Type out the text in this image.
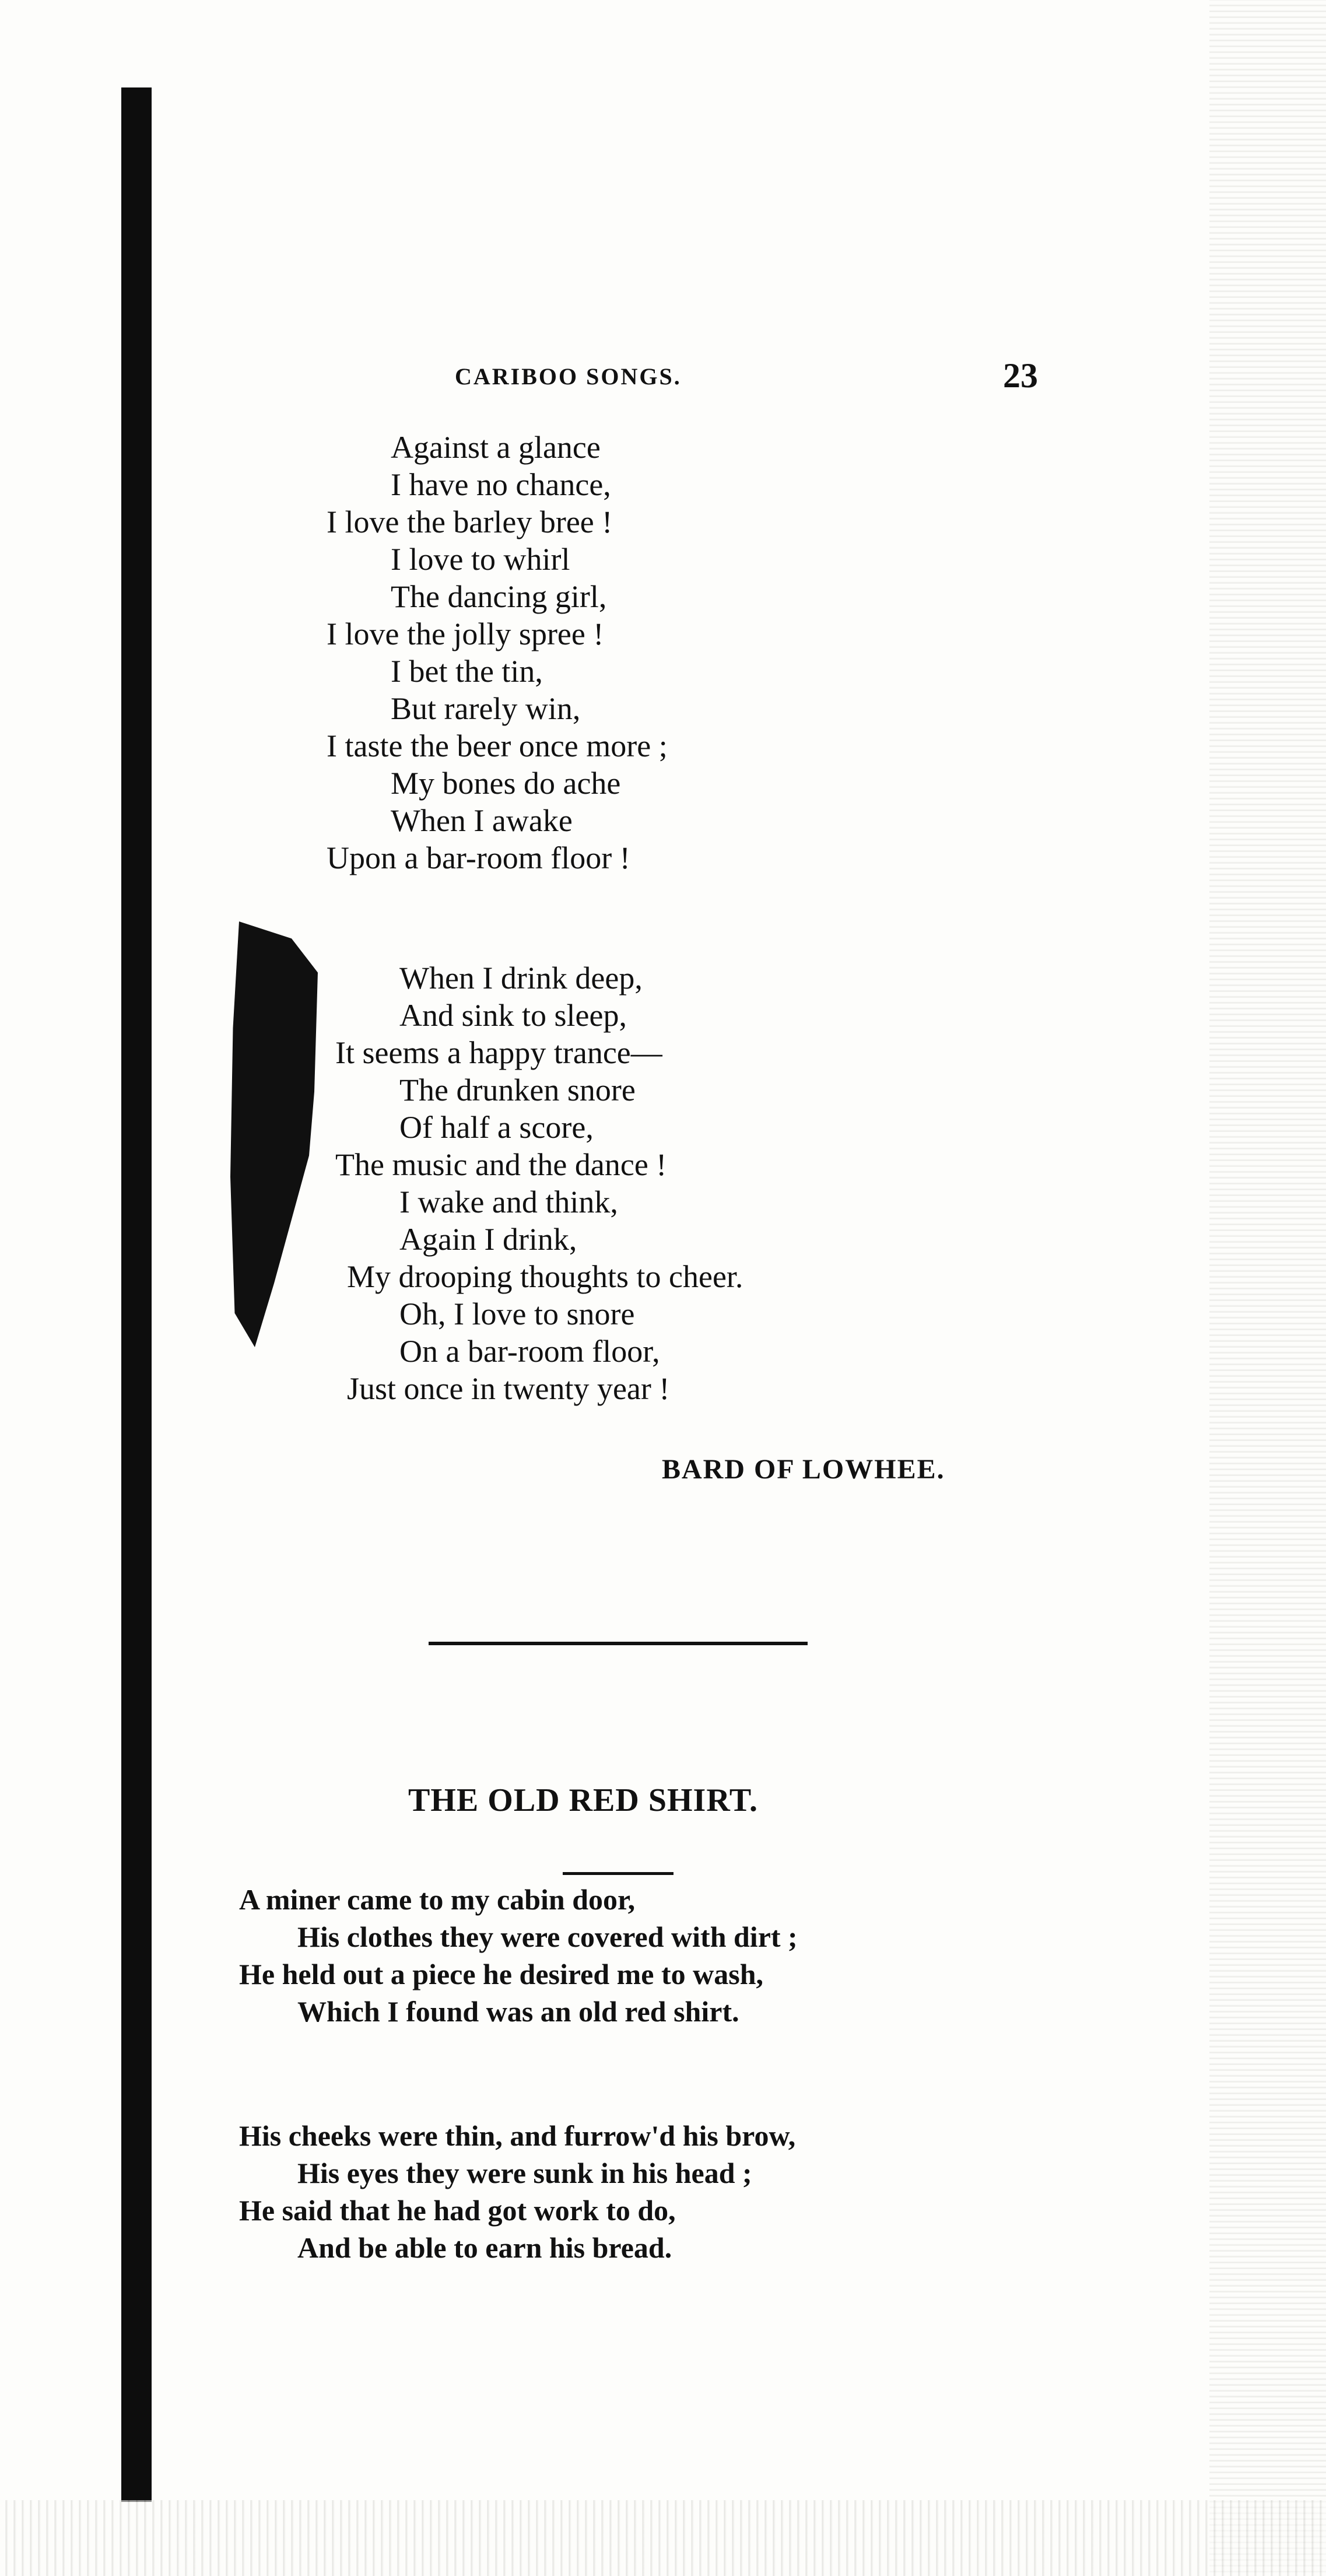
CARIBOO SONGS.	23
Against a glance
I have no chance,
I love the barley bree !
I love to whirl
The dancing girl,
I love the jolly spree !
I bet the tin,
But rarely win,
I taste the beer once more ;
My bones do ache
When I awake
Upon a bar-room floor !
When I drink deep,
And sink to sleep,
It seems a happy trance—
The drunken snore
Of half a score,
The music and the dance !
I wake and think,
Again I drink,
My drooping thoughts to cheer.
Oh, I love to snore
On a bar-room floor,
Just once in twenty year !
BARD OF LOWHEE.
THE OLD RED SHIRT.
A miner came to my cabin door,
His clothes they were covered with dirt ;
He held out a piece he desired me to wash,
Which I found was an old red shirt.
His cheeks were thin, and furrow'd his brow,
His eyes they were sunk in his head ;
He said that he had got work to do,
And be able to earn his bread.
